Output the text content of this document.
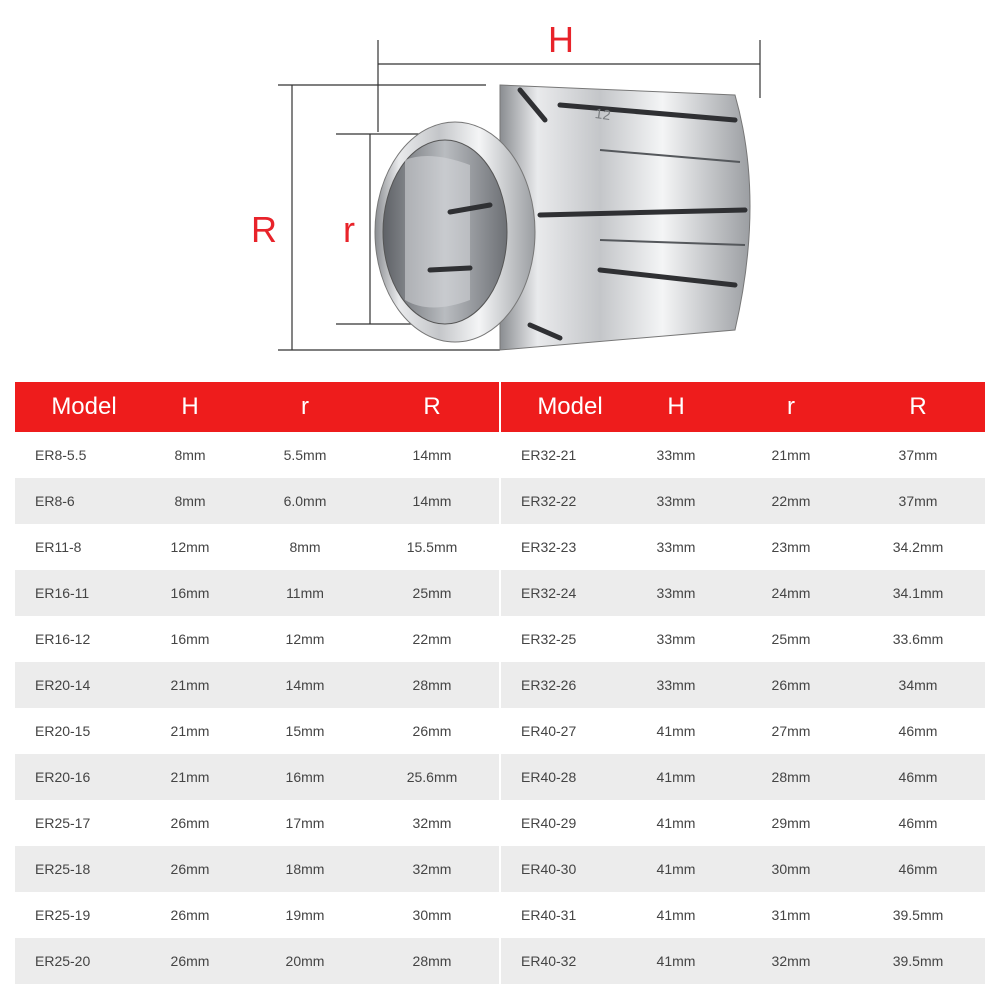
H
R r
12
Model	H	r	R
ER8-5.5	8mm	5.5mm	14mm
ER8-6	8mm	6.0mm	14mm
ER11-8	12mm	8mm	15.5mm
ER16-11	16mm	11mm	25mm
ER16-12	16mm	12mm	22mm
ER20-14	21mm	14mm	28mm
ER20-15	21mm	15mm	26mm
ER20-16	21mm	16mm	25.6mm
ER25-17	26mm	17mm	32mm
ER25-18	26mm	18mm	32mm
ER25-19	26mm	19mm	30mm
ER25-20	26mm	20mm	28mm
Model	H	r	R
ER32-21	33mm	21mm	37mm
ER32-22	33mm	22mm	37mm
ER32-23	33mm	23mm	34.2mm
ER32-24	33mm	24mm	34.1mm
ER32-25	33mm	25mm	33.6mm
ER32-26	33mm	26mm	34mm
ER40-27	41mm	27mm	46mm
ER40-28	41mm	28mm	46mm
ER40-29	41mm	29mm	46mm
ER40-30	41mm	30mm	46mm
ER40-31	41mm	31mm	39.5mm
ER40-32	41mm	32mm	39.5mm
